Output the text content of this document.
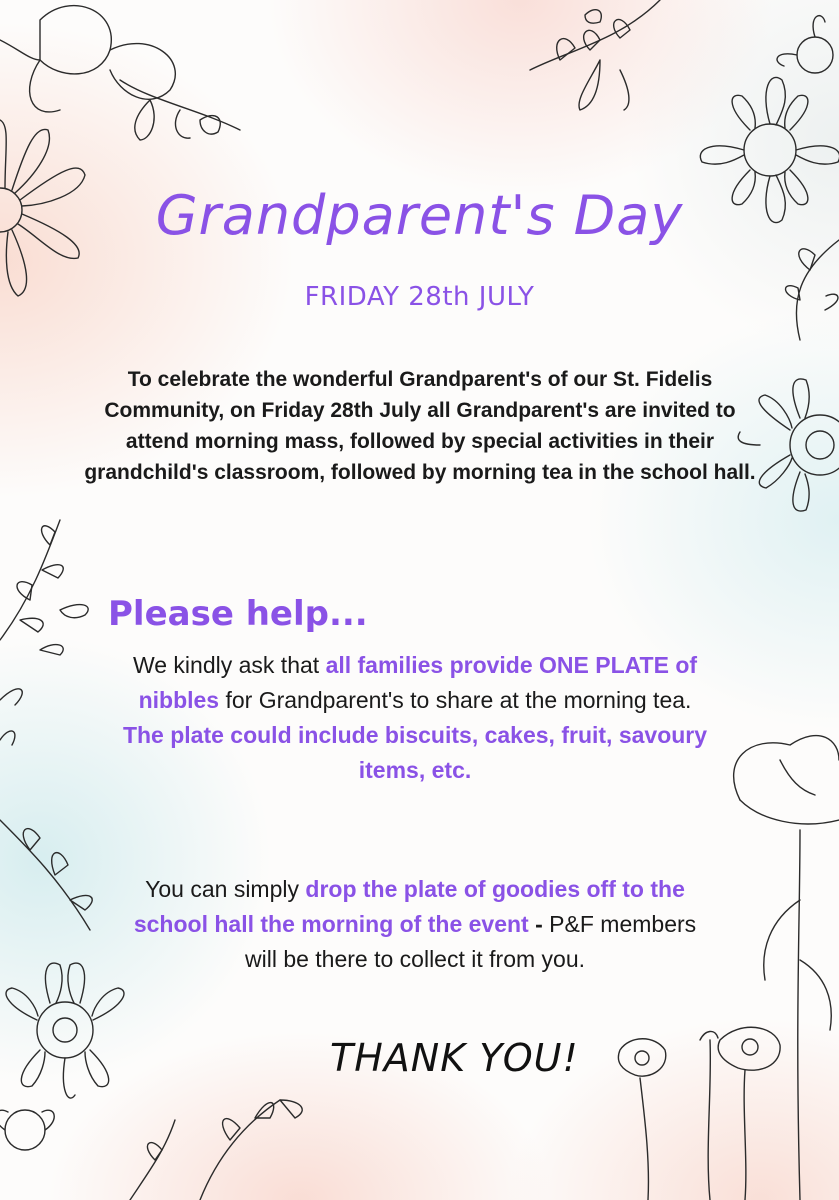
Grandparent's Day

FRIDAY 28th JULY

To celebrate the wonderful Grandparent's of our St. Fidelis Community, on Friday 28th July all Grandparent's are invited to attend morning mass, followed by special activities in their grandchild's classroom, followed by morning tea in the school hall.

Please help...

We kindly ask that all families provide ONE PLATE of nibbles for Grandparent's to share at the morning tea. The plate could include biscuits, cakes, fruit, savoury items, etc.

You can simply drop the plate of goodies off to the school hall the morning of the event - P&F members will be there to collect it from you.

THANK YOU!
